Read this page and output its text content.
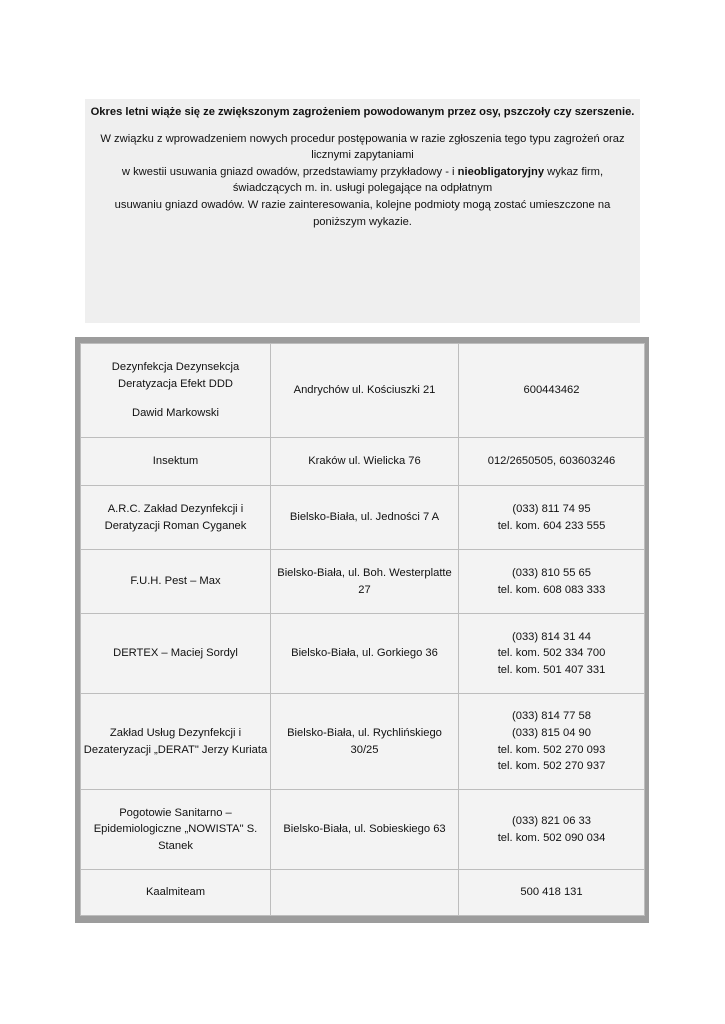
Okres letni wiąże się ze zwiększonym zagrożeniem powodowanym przez osy, pszczoły czy szerszenie.

W związku z wprowadzeniem nowych procedur postępowania w razie zgłoszenia tego typu zagrożeń oraz licznymi zapytaniami

w kwestii usuwania gniazd owadów, przedstawiamy przykładowy - i nieobligatoryjny wykaz firm, świadczących m. in. usługi polegające na odpłatnym

usuwaniu gniazd owadów. W razie zainteresowania, kolejne podmioty mogą zostać umieszczone na poniższym wykazie.

Dezynfekcja Dezynsekcja Deratyzacja Efekt DDD
Dawid Markowski	Andrychów ul. Kościuszki 21	600443462

Insektum	Kraków ul. Wielicka 76	012/2650505, 603603246

A.R.C. Zakład Dezynfekcji i Deratyzacji Roman Cyganek	Bielsko-Biała, ul. Jedności 7 A	(033) 811 74 95
tel. kom. 604 233 555

F.U.H. Pest – Max	Bielsko-Biała, ul. Boh. Westerplatte 27	(033) 810 55 65
tel. kom. 608 083 333

DERTEX – Maciej Sordyl	Bielsko-Biała, ul. Gorkiego 36	(033) 814 31 44
tel. kom. 502 334 700
tel. kom. 501 407 331

Zakład Usług Dezynfekcji i Dezateryzacji „DERAT" Jerzy Kuriata	Bielsko-Biała, ul. Rychlińskiego 30/25	(033) 814 77 58
(033) 815 04 90
tel. kom. 502 270 093
tel. kom. 502 270 937

Pogotowie Sanitarno – Epidemiologiczne „NOWISTA" S. Stanek	Bielsko-Biała, ul. Sobieskiego 63	(033) 821 06 33
tel. kom. 502 090 034

Kaalmiteam		500 418 131
